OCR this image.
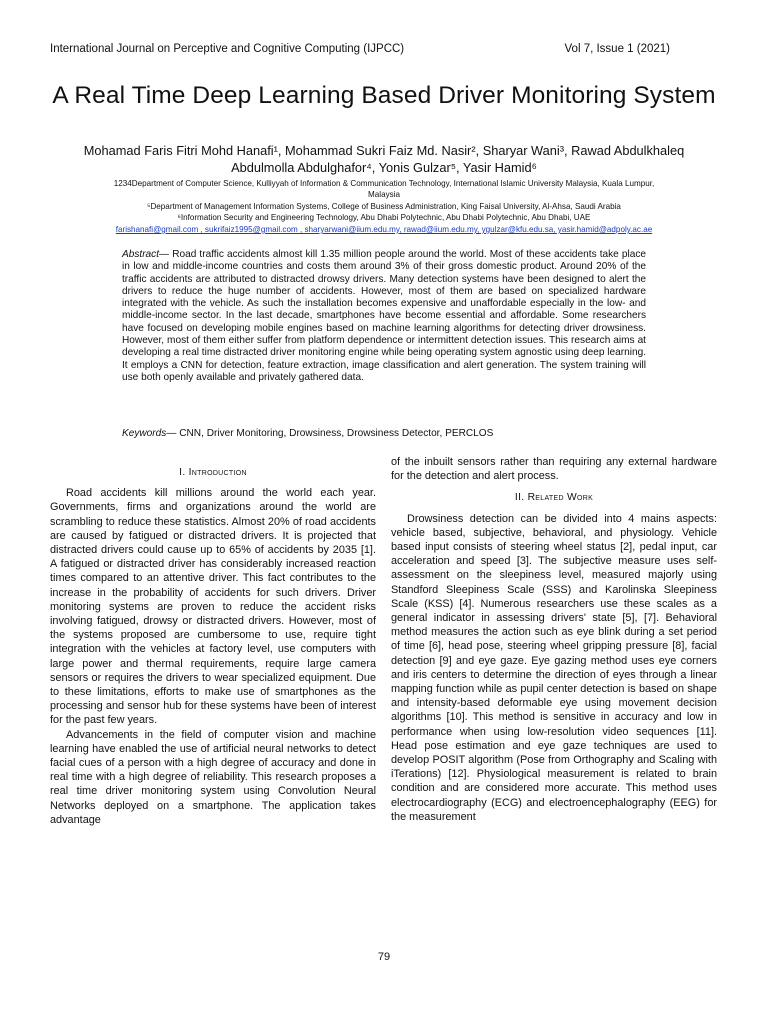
International Journal on Perceptive and Cognitive Computing (IJPCC)	Vol 7, Issue 1 (2021)
A Real Time Deep Learning Based Driver Monitoring System
Mohamad Faris Fitri Mohd Hanafi¹, Mohammad Sukri Faiz Md. Nasir², Sharyar Wani³, Rawad Abdulkhaleq
Abdulmolla Abdulghafor⁴, Yonis Gulzar⁵, Yasir Hamid⁶
1234Department of Computer Science, Kulliyyah of Information & Communication Technology, International Islamic University Malaysia, Kuala Lumpur,
Malaysia
⁵Department of Management Information Systems, College of Business Administration, King Faisal University, Al-Ahsa, Saudi Arabia
⁶Information Security and Engineering Technology, Abu Dhabi Polytechnic, Abu Dhabi Polytechnic, Abu Dhabi, UAE
farishanafi@gmail.com , sukrifaiz1995@gmail.com , sharyarwani@iium.edu.my, rawad@iium.edu.my, ygulzar@kfu.edu.sa, yasir.hamid@adpoly.ac.ae

Abstract— Road traffic accidents almost kill 1.35 million people around the world. Most of these accidents take place in low and middle-income countries and costs them around 3% of their gross domestic product. Around 20% of the traffic accidents are attributed to distracted drowsy drivers. Many detection systems have been designed to alert the drivers to reduce the huge number of accidents. However, most of them are based on specialized hardware integrated with the vehicle. As such the installation becomes expensive and unaffordable especially in the low- and middle-income sector. In the last decade, smartphones have become essential and affordable. Some researchers have focused on developing mobile engines based on machine learning algorithms for detecting driver drowsiness. However, most of them either suffer from platform dependence or intermittent detection issues. This research aims at developing a real time distracted driver monitoring engine while being operating system agnostic using deep learning. It employs a CNN for detection, feature extraction, image classification and alert generation. The system training will use both openly available and privately gathered data.

Keywords— CNN, Driver Monitoring, Drowsiness, Drowsiness Detector, PERCLOS

I. Introduction

Road accidents kill millions around the world each year. Governments, firms and organizations around the world are scrambling to reduce these statistics. Almost 20% of road accidents are caused by fatigued or distracted drivers. It is projected that distracted drivers could cause up to 65% of accidents by 2035 [1]. A fatigued or distracted driver has considerably increased reaction times compared to an attentive driver. This fact contributes to the increase in the probability of accidents for such drivers. Driver monitoring systems are proven to reduce the accident risks involving fatigued, drowsy or distracted drivers. However, most of the systems proposed are cumbersome to use, require tight integration with the vehicles at factory level, use computers with large power and thermal requirements, require large camera sensors or requires the drivers to wear specialized equipment. Due to these limitations, efforts to make use of smartphones as the processing and sensor hub for these systems have been of interest for the past few years.

Advancements in the field of computer vision and machine learning have enabled the use of artificial neural networks to detect facial cues of a person with a high degree of accuracy and done in real time with a high degree of reliability. This research proposes a real time driver monitoring system using Convolution Neural Networks deployed on a smartphone. The application takes advantage

of the inbuilt sensors rather than requiring any external hardware for the detection and alert process.

II. Related Work

Drowsiness detection can be divided into 4 mains aspects: vehicle based, subjective, behavioral, and physiology. Vehicle based input consists of steering wheel status [2], pedal input, car acceleration and speed [3]. The subjective measure uses self-assessment on the sleepiness level, measured majorly using Standford Sleepiness Scale (SSS) and Karolinska Sleepiness Scale (KSS) [4]. Numerous researchers use these scales as a general indicator in assessing drivers' state [5], [7]. Behavioral method measures the action such as eye blink during a set period of time [6], head pose, steering wheel gripping pressure [8], facial detection [9] and eye gaze. Eye gazing method uses eye corners and iris centers to determine the direction of eyes through a linear mapping function while as pupil center detection is based on shape and intensity-based deformable eye using movement decision algorithms [10]. This method is sensitive in accuracy and low in performance when using low-resolution video sequences [11]. Head pose estimation and eye gaze techniques are used to develop POSIT algorithm (Pose from Orthography and Scaling with iTerations) [12]. Physiological measurement is related to brain condition and are considered more accurate. This method uses electrocardiography (ECG) and electroencephalography (EEG) for the measurement

79
